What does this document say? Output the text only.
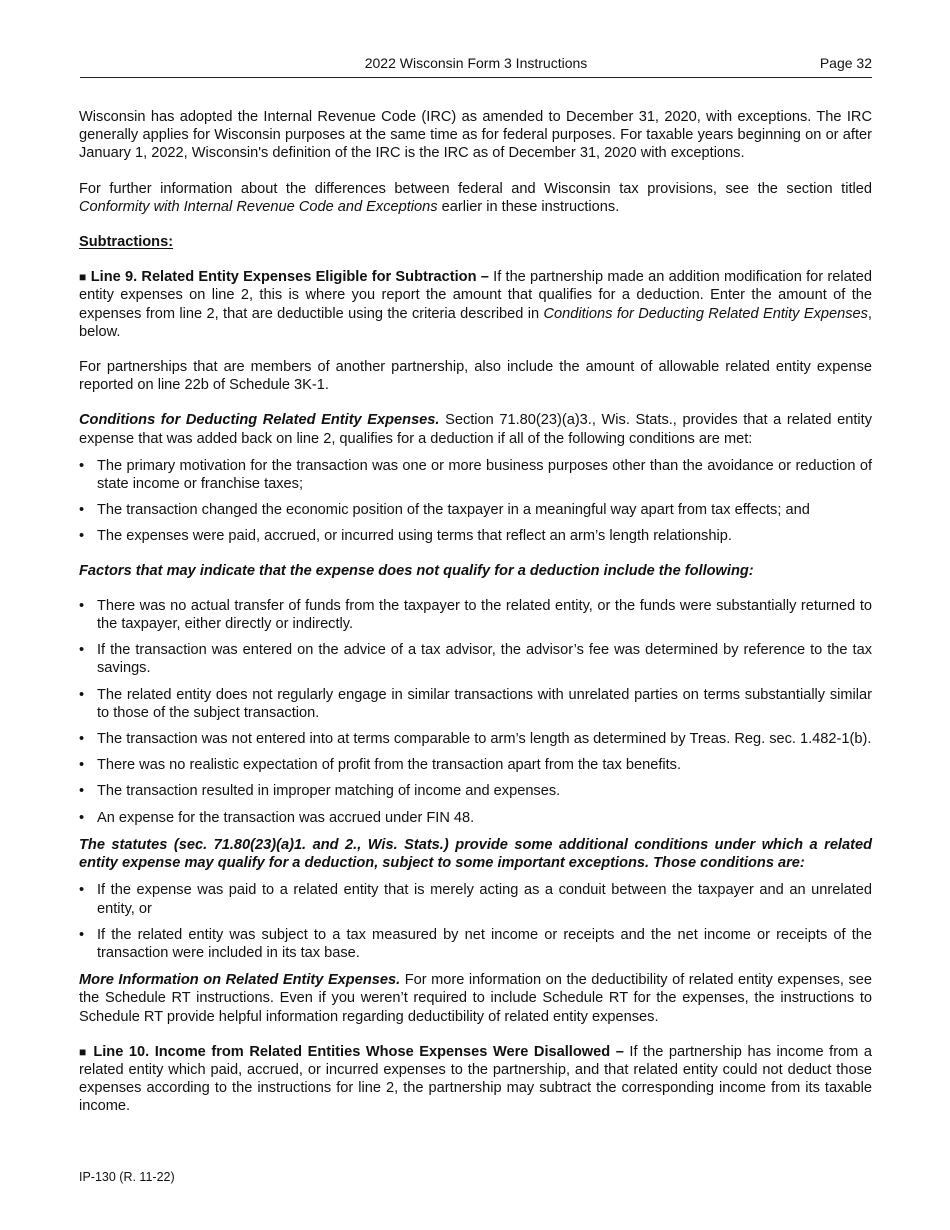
2022 Wisconsin Form 3 Instructions	Page 32

Wisconsin has adopted the Internal Revenue Code (IRC) as amended to December 31, 2020, with exceptions. The IRC generally applies for Wisconsin purposes at the same time as for federal purposes. For taxable years beginning on or after January 1, 2022, Wisconsin's definition of the IRC is the IRC as of December 31, 2020 with exceptions.

For further information about the differences between federal and Wisconsin tax provisions, see the section titled Conformity with Internal Revenue Code and Exceptions earlier in these instructions.

Subtractions:

■ Line 9. Related Entity Expenses Eligible for Subtraction – If the partnership made an addition modification for related entity expenses on line 2, this is where you report the amount that qualifies for a deduction. Enter the amount of the expenses from line 2, that are deductible using the criteria described in Conditions for Deducting Related Entity Expenses, below.

For partnerships that are members of another partnership, also include the amount of allowable related entity expense reported on line 22b of Schedule 3K-1.

Conditions for Deducting Related Entity Expenses. Section 71.80(23)(a)3., Wis. Stats., provides that a related entity expense that was added back on line 2, qualifies for a deduction if all of the following conditions are met:

• The primary motivation for the transaction was one or more business purposes other than the avoidance or reduction of state income or franchise taxes;
• The transaction changed the economic position of the taxpayer in a meaningful way apart from tax effects; and
• The expenses were paid, accrued, or incurred using terms that reflect an arm’s length relationship.

Factors that may indicate that the expense does not qualify for a deduction include the following:

• There was no actual transfer of funds from the taxpayer to the related entity, or the funds were substantially returned to the taxpayer, either directly or indirectly.
• If the transaction was entered on the advice of a tax advisor, the advisor’s fee was determined by reference to the tax savings.
• The related entity does not regularly engage in similar transactions with unrelated parties on terms substantially similar to those of the subject transaction.
• The transaction was not entered into at terms comparable to arm’s length as determined by Treas. Reg. sec. 1.482-1(b).
• There was no realistic expectation of profit from the transaction apart from the tax benefits.
• The transaction resulted in improper matching of income and expenses.
• An expense for the transaction was accrued under FIN 48.

The statutes (sec. 71.80(23)(a)1. and 2., Wis. Stats.) provide some additional conditions under which a related entity expense may qualify for a deduction, subject to some important exceptions. Those conditions are:

• If the expense was paid to a related entity that is merely acting as a conduit between the taxpayer and an unrelated entity, or
• If the related entity was subject to a tax measured by net income or receipts and the net income or receipts of the transaction were included in its tax base.

More Information on Related Entity Expenses. For more information on the deductibility of related entity expenses, see the Schedule RT instructions. Even if you weren’t required to include Schedule RT for the expenses, the instructions to Schedule RT provide helpful information regarding deductibility of related entity expenses.

■ Line 10. Income from Related Entities Whose Expenses Were Disallowed – If the partnership has income from a related entity which paid, accrued, or incurred expenses to the partnership, and that related entity could not deduct those expenses according to the instructions for line 2, the partnership may subtract the corresponding income from its taxable income.

IP-130 (R. 11-22)
